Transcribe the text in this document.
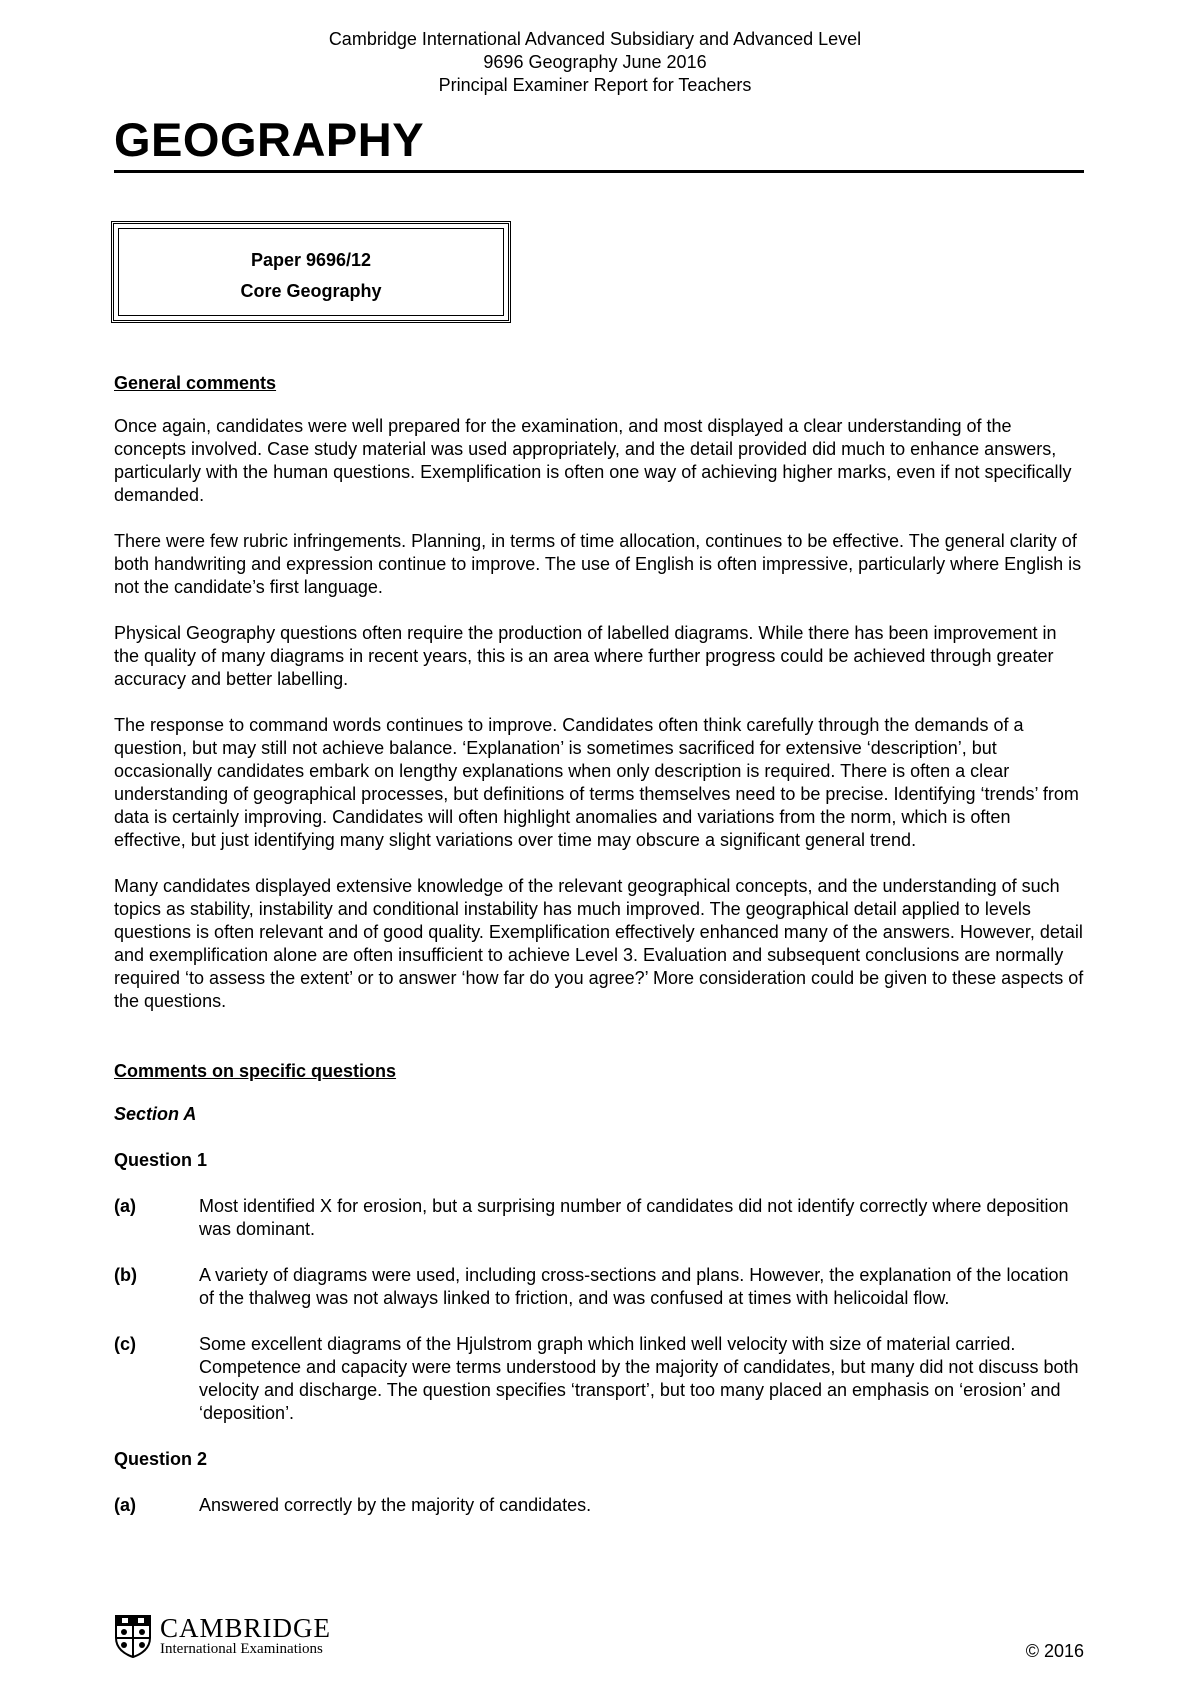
Cambridge International Advanced Subsidiary and Advanced Level
9696 Geography June 2016
Principal Examiner Report for Teachers
GEOGRAPHY
Paper 9696/12
Core Geography
General comments

Once again, candidates were well prepared for the examination, and most displayed a clear understanding of the concepts involved. Case study material was used appropriately, and the detail provided did much to enhance answers, particularly with the human questions. Exemplification is often one way of achieving higher marks, even if not specifically demanded.

There were few rubric infringements. Planning, in terms of time allocation, continues to be effective. The general clarity of both handwriting and expression continue to improve. The use of English is often impressive, particularly where English is not the candidate’s first language.

Physical Geography questions often require the production of labelled diagrams. While there has been improvement in the quality of many diagrams in recent years, this is an area where further progress could be achieved through greater accuracy and better labelling.

The response to command words continues to improve. Candidates often think carefully through the demands of a question, but may still not achieve balance. ‘Explanation’ is sometimes sacrificed for extensive ‘description’, but occasionally candidates embark on lengthy explanations when only description is required. There is often a clear understanding of geographical processes, but definitions of terms themselves need to be precise. Identifying ‘trends’ from data is certainly improving. Candidates will often highlight anomalies and variations from the norm, which is often effective, but just identifying many slight variations over time may obscure a significant general trend.

Many candidates displayed extensive knowledge of the relevant geographical concepts, and the understanding of such topics as stability, instability and conditional instability has much improved. The geographical detail applied to levels questions is often relevant and of good quality. Exemplification effectively enhanced many of the answers. However, detail and exemplification alone are often insufficient to achieve Level 3. Evaluation and subsequent conclusions are normally required ‘to assess the extent’ or to answer ‘how far do you agree?’ More consideration could be given to these aspects of the questions.

Comments on specific questions
Section A
Question 1
(a)	Most identified X for erosion, but a surprising number of candidates did not identify correctly where deposition was dominant.
(b)	A variety of diagrams were used, including cross-sections and plans. However, the explanation of the location of the thalweg was not always linked to friction, and was confused at times with helicoidal flow.
(c)	Some excellent diagrams of the Hjulstrom graph which linked well velocity with size of material carried. Competence and capacity were terms understood by the majority of candidates, but many did not discuss both velocity and discharge. The question specifies ‘transport’, but too many placed an emphasis on ‘erosion’ and ‘deposition’.
Question 2
(a)	Answered correctly by the majority of candidates.
CAMBRIDGE
International Examinations	© 2016
